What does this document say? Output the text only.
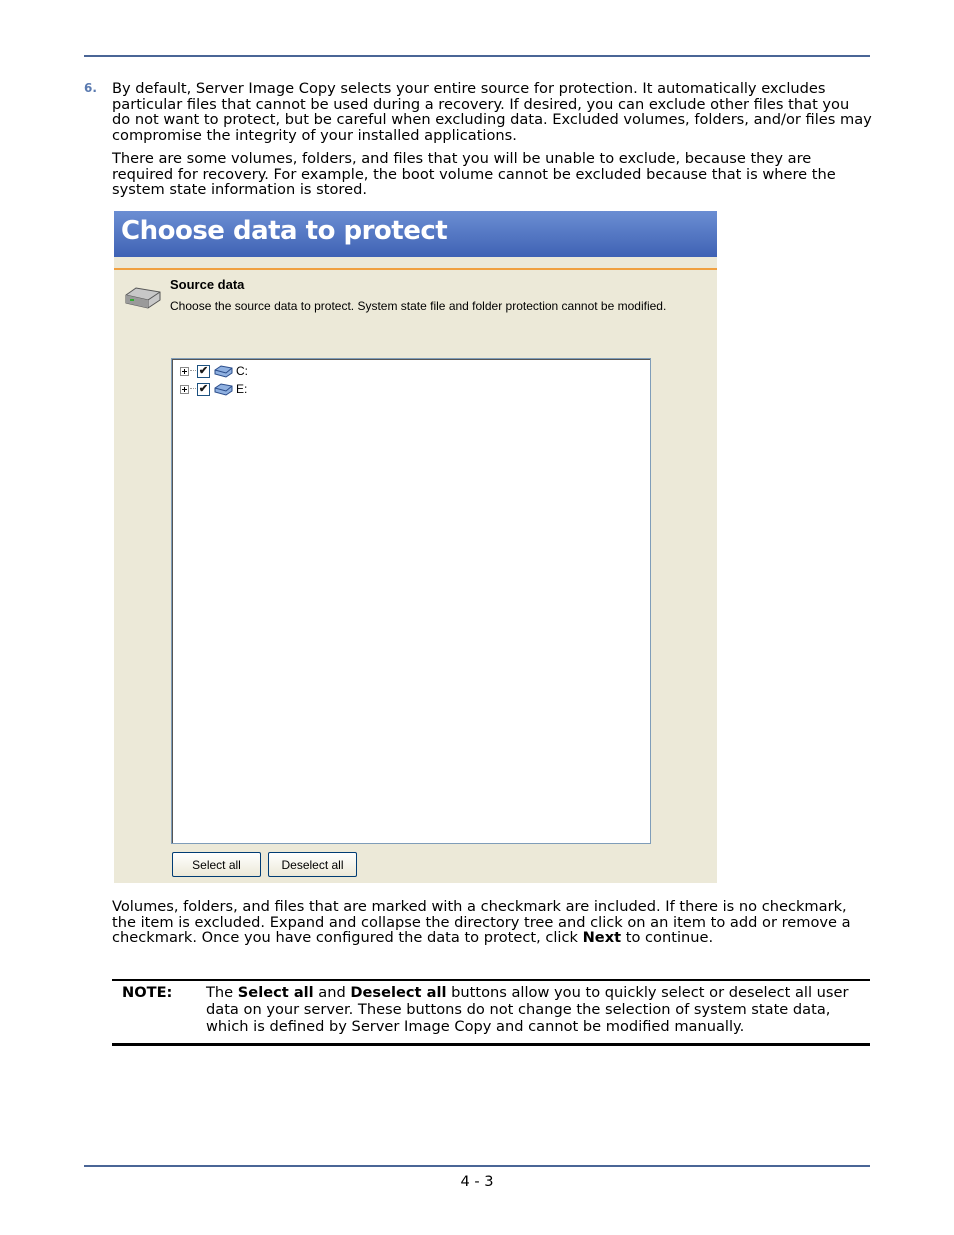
6. By default, Server Image Copy selects your entire source for protection. It automatically excludes particular files that cannot be used during a recovery. If desired, you can exclude other files that you do not want to protect, but be careful when excluding data. Excluded volumes, folders, and/or files may compromise the integrity of your installed applications.

There are some volumes, folders, and files that you will be unable to exclude, because they are required for recovery. For example, the boot volume cannot be excluded because that is where the system state information is stored.

Choose data to protect
Source data
Choose the source data to protect. System state file and folder protection cannot be modified.
✔ C:
✔ E:
Select all	Deselect all

Volumes, folders, and files that are marked with a checkmark are included. If there is no checkmark, the item is excluded. Expand and collapse the directory tree and click on an item to add or remove a checkmark. Once you have configured the data to protect, click Next to continue.

NOTE: The Select all and Deselect all buttons allow you to quickly select or deselect all user data on your server. These buttons do not change the selection of system state data, which is defined by Server Image Copy and cannot be modified manually.

4 - 3
